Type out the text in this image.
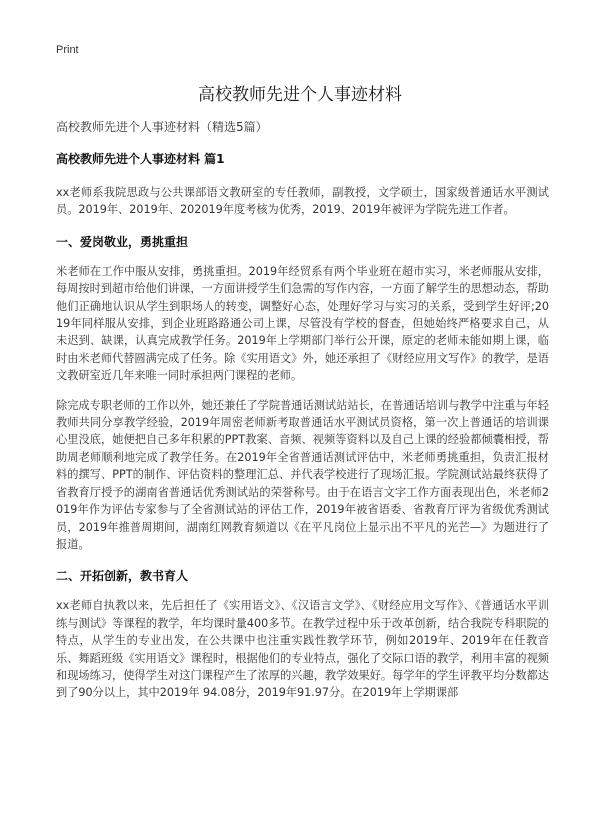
Print
高校教师先进个人事迹材料

高校教师先进个人事迹材料（精选5篇）

高校教师先进个人事迹材料 篇1

xx老师系我院思政与公共课部语文教研室的专任教师，副教授，文学硕士，国家级普通话水平测试员。2019年、2019年、202019年度考核为优秀，2019、2019年被评为学院先进工作者。

一、爱岗敬业，勇挑重担

米老师在工作中服从安排，勇挑重担。2019年经贸系有两个毕业班在超市实习，米老师服从安排，每周按时到超市给他们讲课，一方面讲授学生们急需的写作内容，一方面了解学生的思想动态，帮助他们正确地认识从学生到职场人的转变，调整好心态，处理好学习与实习的关系，受到学生好评;2019年同样服从安排，到企业班路路通公司上课，尽管没有学校的督查，但她始终严格要求自己，从未迟到、缺课，认真完成教学任务。2019年上学期部门举行公开课，原定的老师未能如期上课，临时由米老师代替圆满完成了任务。除《实用语文》外，她还承担了《财经应用文写作》的教学，是语文教研室近几年来唯一同时承担两门课程的老师。

除完成专职老师的工作以外，她还兼任了学院普通话测试站站长，在普通话培训与教学中注重与年轻教师共同分享教学经验，2019年周密老师新考取普通话水平测试员资格，第一次上普通话的培训课心里没底，她便把自己多年积累的PPT教案、音频、视频等资料以及自己上课的经验都倾囊相授，帮助周老师顺利地完成了教学任务。在2019年全省普通话测试评估中，米老师勇挑重担，负责汇报材料的撰写、PPT的制作、评估资料的整理汇总、并代表学校进行了现场汇报。学院测试站最终获得了省教育厅授予的湖南省普通话优秀测试站的荣誉称号。由于在语言文字工作方面表现出色，米老师2019年作为评估专家参与了全省测试站的评估工作，2019年被省语委、省教育厅评为省级优秀测试员，2019年推普周期间，湖南红网教育频道以《在平凡岗位上显示出不平凡的光芒—》为题进行了报道。

二、开拓创新，教书育人

xx老师自执教以来，先后担任了《实用语文》、《汉语言文学》、《财经应用文写作》、《普通话水平训练与测试》等课程的教学，年均课时量400多节。在教学过程中乐于改革创新，结合我院专科职院的特点，从学生的专业出发，在公共课中也注重实践性教学环节，例如2019年、2019年在任教音乐、舞蹈班级《实用语文》课程时，根据他们的专业特点，强化了交际口语的教学，利用丰富的视频和现场练习，使得学生对这门课程产生了浓厚的兴趣，教学效果好。每学年的学生评教平均分数都达到了90分以上，其中2019年 94.08分，2019年91.97分。在2019年上学期课部
